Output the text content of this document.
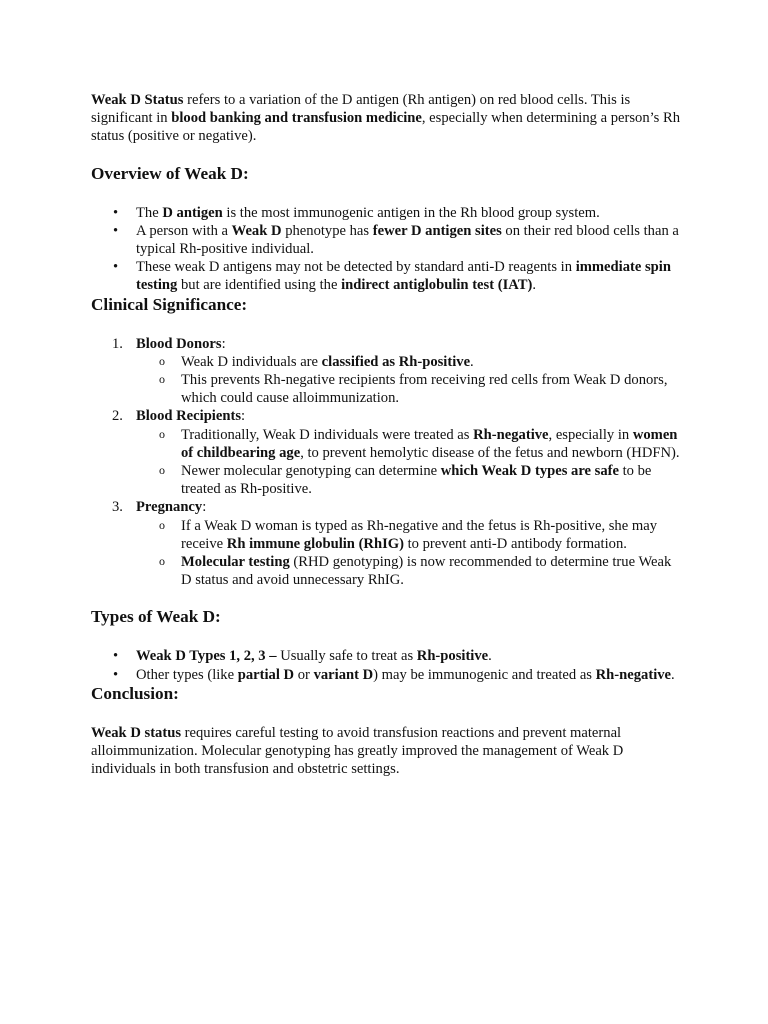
Weak D Status refers to a variation of the D antigen (Rh antigen) on red blood cells. This is significant in blood banking and transfusion medicine, especially when determining a person’s Rh status (positive or negative).

Overview of Weak D:
• The D antigen is the most immunogenic antigen in the Rh blood group system.
• A person with a Weak D phenotype has fewer D antigen sites on their red blood cells than a typical Rh-positive individual.
• These weak D antigens may not be detected by standard anti-D reagents in immediate spin testing but are identified using the indirect antiglobulin test (IAT).
Clinical Significance:
1. Blood Donors:
o Weak D individuals are classified as Rh-positive.
o This prevents Rh-negative recipients from receiving red cells from Weak D donors, which could cause alloimmunization.
2. Blood Recipients:
o Traditionally, Weak D individuals were treated as Rh-negative, especially in women of childbearing age, to prevent hemolytic disease of the fetus and newborn (HDFN).
o Newer molecular genotyping can determine which Weak D types are safe to be treated as Rh-positive.
3. Pregnancy:
o If a Weak D woman is typed as Rh-negative and the fetus is Rh-positive, she may receive Rh immune globulin (RhIG) to prevent anti-D antibody formation.
o Molecular testing (RHD genotyping) is now recommended to determine true Weak D status and avoid unnecessary RhIG.
Types of Weak D:
• Weak D Types 1, 2, 3 – Usually safe to treat as Rh-positive.
• Other types (like partial D or variant D) may be immunogenic and treated as Rh-negative.
Conclusion:

Weak D status requires careful testing to avoid transfusion reactions and prevent maternal alloimmunization. Molecular genotyping has greatly improved the management of Weak D individuals in both transfusion and obstetric settings.
